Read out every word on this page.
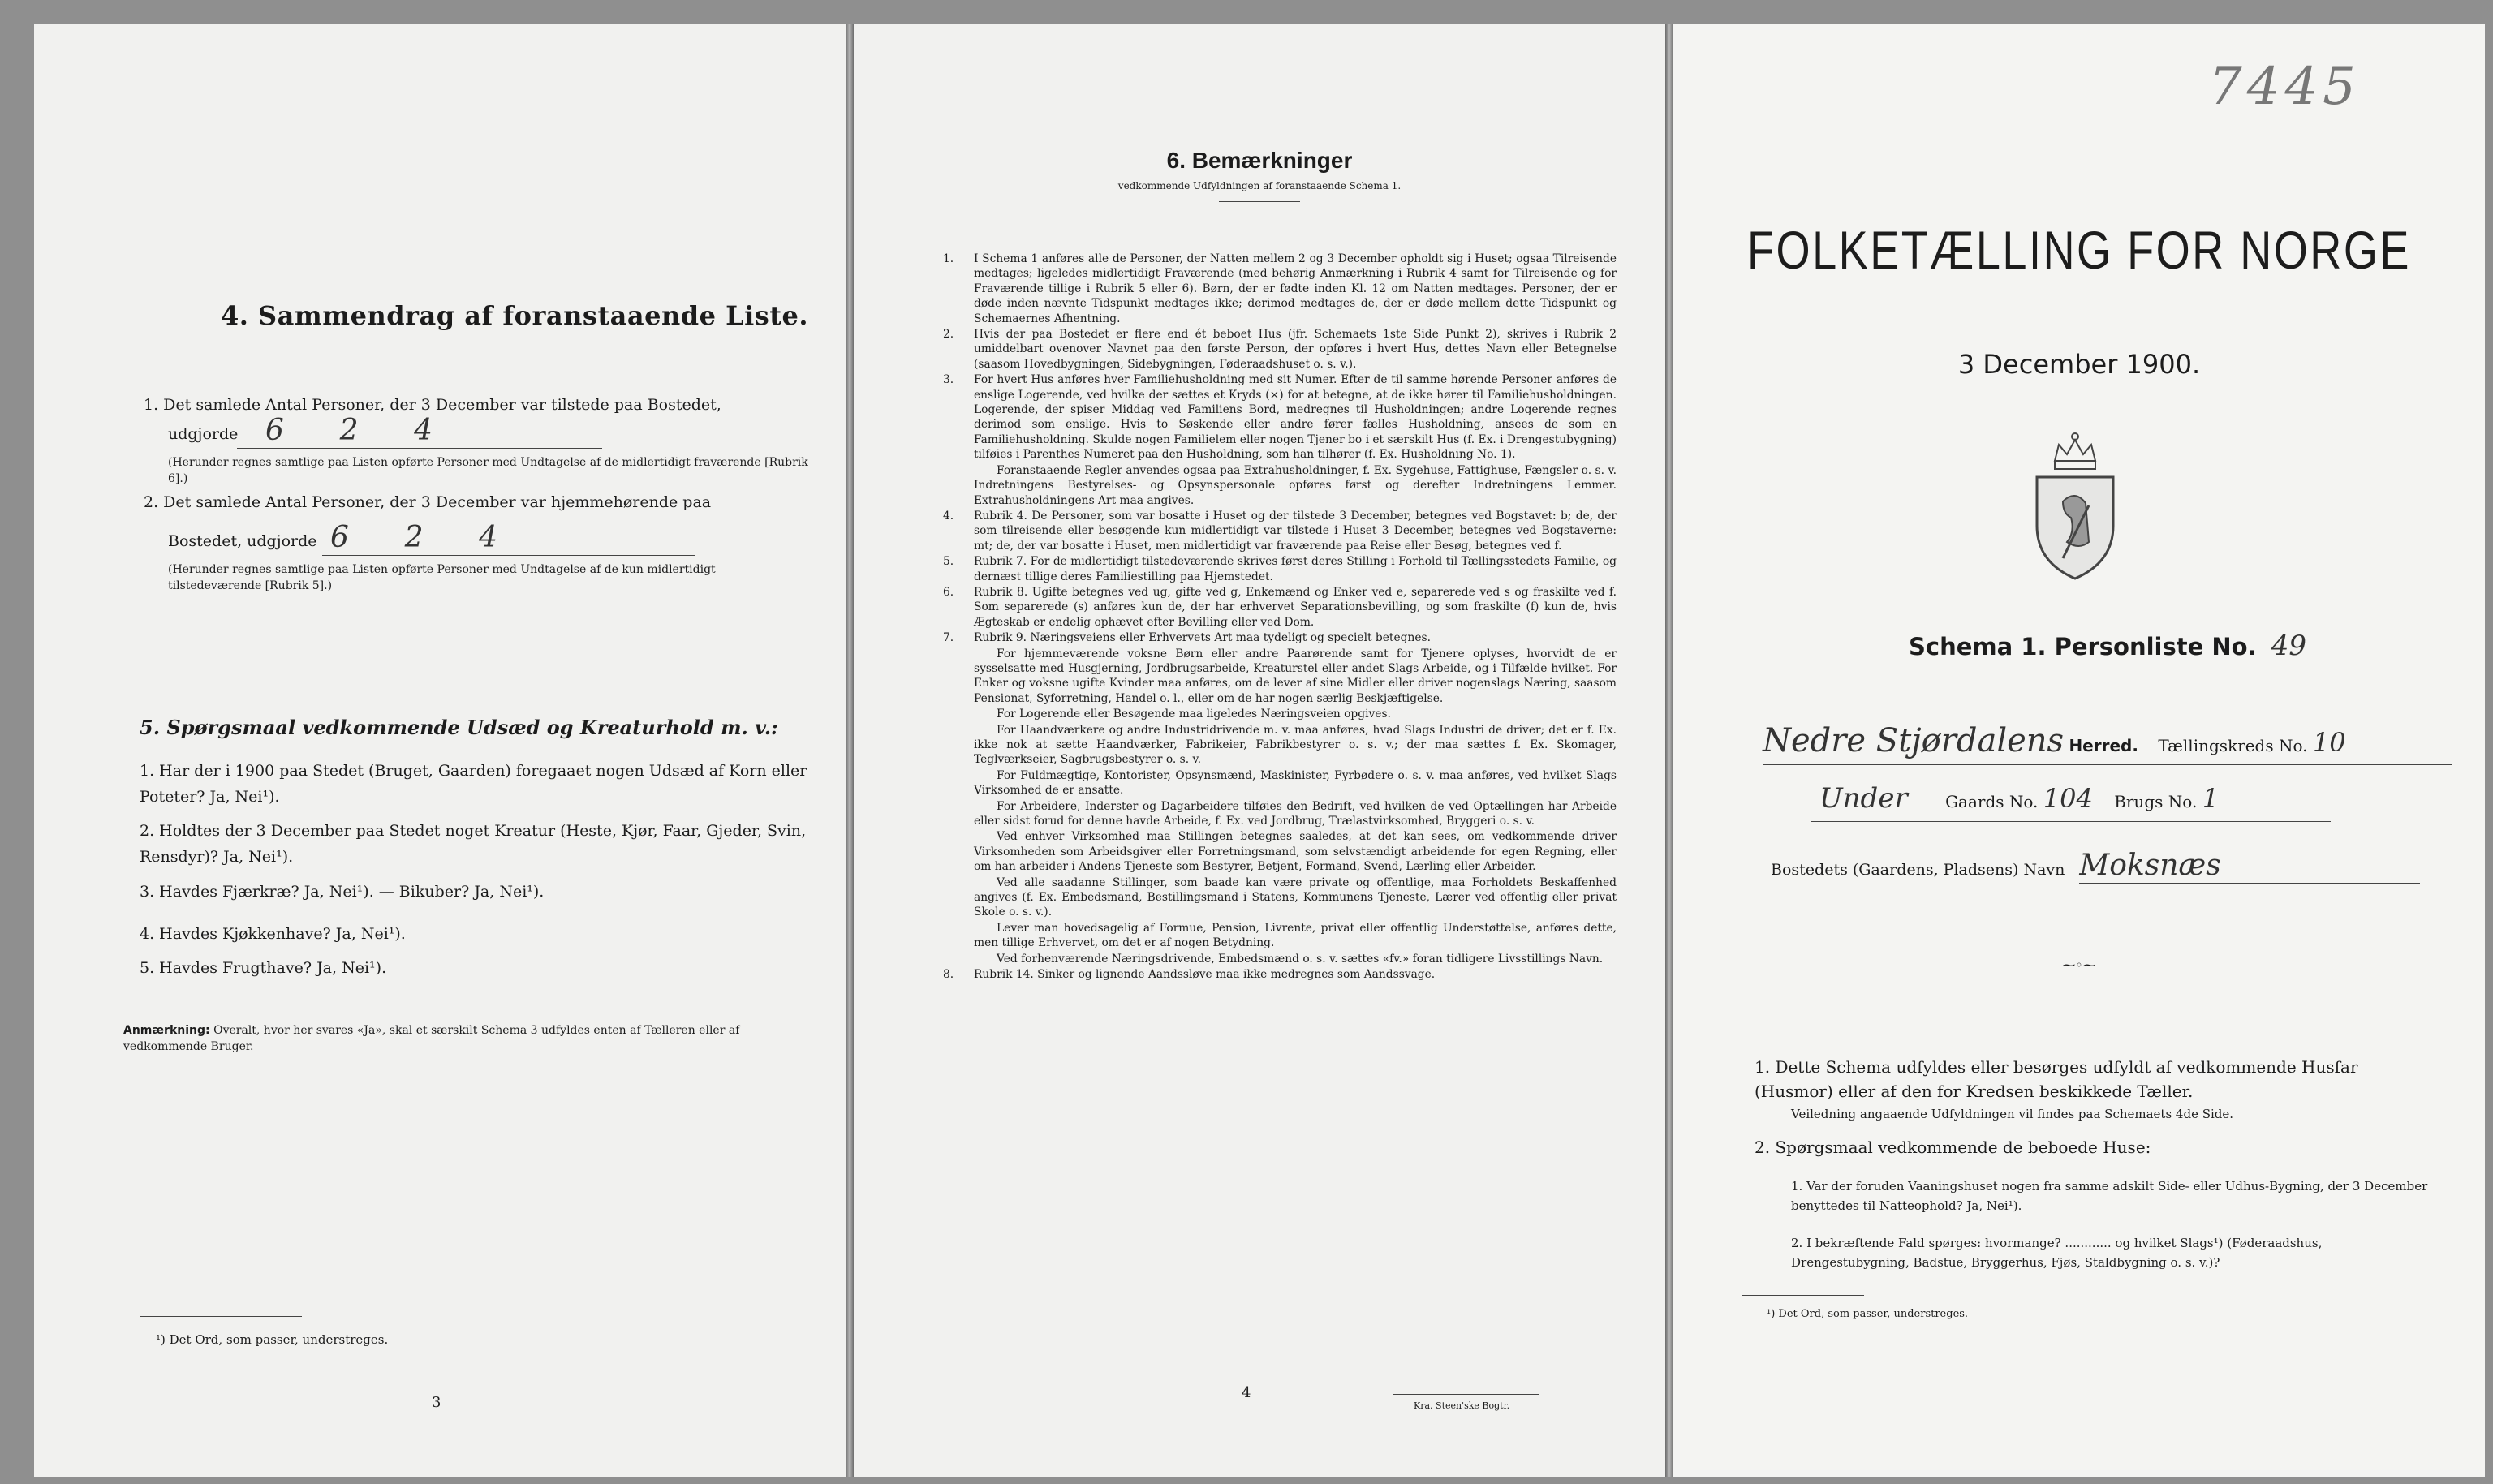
4. Sammendrag af foranstaaende Liste.
1. Det samlede Antal Personer, der 3 December var tilstede paa Bostedet,
udgjorde 6      2      4
(Herunder regnes samtlige paa Listen opførte Personer med Undtagelse af de midlertidigt fraværende [Rubrik 6].)
2. Det samlede Antal Personer, der 3 December var hjemmehørende paa
Bostedet, udgjorde 6      2      4
(Herunder regnes samtlige paa Listen opførte Personer med Undtagelse af de kun midlertidigt tilstedeværende [Rubrik 5].)
5. Spørgsmaal vedkommende Udsæd og Kreaturhold m. v.:
1. Har der i 1900 paa Stedet (Bruget, Gaarden) foregaaet nogen Udsæd af Korn eller Poteter? Ja, Nei¹).
2. Holdtes der 3 December paa Stedet noget Kreatur (Heste, Kjør, Faar, Gjeder, Svin, Rensdyr)? Ja, Nei¹).
3. Havdes Fjærkræ? Ja, Nei¹). — Bikuber? Ja, Nei¹).
4. Havdes Kjøkkenhave? Ja, Nei¹).
5. Havdes Frugthave? Ja, Nei¹).
Anmærkning: Overalt, hvor her svares «Ja», skal et særskilt Schema 3 udfyldes enten af Tælleren eller af vedkommende Bruger.
¹) Det Ord, som passer, understreges.
3
6. Bemærkninger
vedkommende Udfyldningen af foranstaaende Schema 1.

1. I Schema 1 anføres alle de Personer, der Natten mellem 2 og 3 December opholdt sig i Huset; ogsaa Tilreisende medtages; ligeledes midlertidigt Fraværende (med behørig Anmærkning i Rubrik 4 samt for Tilreisende og for Fraværende tillige i Rubrik 5 eller 6). Børn, der er fødte inden Kl. 12 om Natten medtages. Personer, der er døde inden nævnte Tidspunkt medtages ikke; derimod medtages de, der er døde mellem dette Tidspunkt og Schemaernes Afhentning.

2. Hvis der paa Bostedet er flere end ét beboet Hus (jfr. Schemaets 1ste Side Punkt 2), skrives i Rubrik 2 umiddelbart ovenover Navnet paa den første Person, der opføres i hvert Hus, dettes Navn eller Betegnelse (saasom Hovedbygningen, Sidebygningen, Føderaadshuset o. s. v.).

3. For hvert Hus anføres hver Familiehusholdning med sit Numer. Efter de til samme hørende Personer anføres de enslige Logerende, ved hvilke der sættes et Kryds (×) for at betegne, at de ikke hører til Familiehusholdningen. Logerende, der spiser Middag ved Familiens Bord, medregnes til Husholdningen; andre Logerende regnes derimod som enslige. Hvis to Søskende eller andre fører fælles Husholdning, ansees de som en Familiehusholdning. Skulde nogen Familielem eller nogen Tjener bo i et særskilt Hus (f. Ex. i Drengestubygning) tilføies i Parenthes Numeret paa den Husholdning, som han tilhører (f. Ex. Husholdning No. 1).

Foranstaaende Regler anvendes ogsaa paa Extrahusholdninger, f. Ex. Sygehuse, Fattighuse, Fængsler o. s. v. Indretningens Bestyrelses- og Opsynspersonale opføres først og derefter Indretningens Lemmer. Extrahusholdningens Art maa angives.

4. Rubrik 4. De Personer, som var bosatte i Huset og der tilstede 3 December, betegnes ved Bogstavet: b; de, der som tilreisende eller besøgende kun midlertidigt var tilstede i Huset 3 December, betegnes ved Bogstaverne: mt; de, der var bosatte i Huset, men midlertidigt var fraværende paa Reise eller Besøg, betegnes ved f.

5. Rubrik 7. For de midlertidigt tilstedeværende skrives først deres Stilling i Forhold til Tællingsstedets Familie, og dernæst tillige deres Familiestilling paa Hjemstedet.

6. Rubrik 8. Ugifte betegnes ved ug, gifte ved g, Enkemænd og Enker ved e, separerede ved s og fraskilte ved f. Som separerede (s) anføres kun de, der har erhvervet Separationsbevilling, og som fraskilte (f) kun de, hvis Ægteskab er endelig ophævet efter Bevilling eller ved Dom.

7. Rubrik 9. Næringsveiens eller Erhvervets Art maa tydeligt og specielt betegnes.

For hjemmeværende voksne Børn eller andre Paarørende samt for Tjenere oplyses, hvorvidt de er sysselsatte med Husgjerning, Jordbrugsarbeide, Kreaturstel eller andet Slags Arbeide, og i Tilfælde hvilket. For Enker og voksne ugifte Kvinder maa anføres, om de lever af sine Midler eller driver nogenslags Næring, saasom Pensionat, Syforretning, Handel o. l., eller om de har nogen særlig Beskjæftigelse.

For Logerende eller Besøgende maa ligeledes Næringsveien opgives.

For Haandværkere og andre Industridrivende m. v. maa anføres, hvad Slags Industri de driver; det er f. Ex. ikke nok at sætte Haandværker, Fabrikeier, Fabrikbestyrer o. s. v.; der maa sættes f. Ex. Skomager, Teglværkseier, Sagbrugsbestyrer o. s. v.

For Fuldmægtige, Kontorister, Opsynsmænd, Maskinister, Fyrbødere o. s. v. maa anføres, ved hvilket Slags Virksomhed de er ansatte.

For Arbeidere, Inderster og Dagarbeidere tilføies den Bedrift, ved hvilken de ved Optællingen har Arbeide eller sidst forud for denne havde Arbeide, f. Ex. ved Jordbrug, Trælastvirksomhed, Bryggeri o. s. v.

Ved enhver Virksomhed maa Stillingen betegnes saaledes, at det kan sees, om vedkommende driver Virksomheden som Arbeidsgiver eller Forretningsmand, som selvstændigt arbeidende for egen Regning, eller om han arbeider i Andens Tjeneste som Bestyrer, Betjent, Formand, Svend, Lærling eller Arbeider.

Ved alle saadanne Stillinger, som baade kan være private og offentlige, maa Forholdets Beskaffenhed angives (f. Ex. Embedsmand, Bestillingsmand i Statens, Kommunens Tjeneste, Lærer ved offentlig eller privat Skole o. s. v.).

Lever man hovedsagelig af Formue, Pension, Livrente, privat eller offentlig Understøttelse, anføres dette, men tillige Erhvervet, om det er af nogen Betydning.

Ved forhenværende Næringsdrivende, Embedsmænd o. s. v. sættes «fv.» foran tidligere Livsstillings Navn.

8. Rubrik 14. Sinker og lignende Aandssløve maa ikke medregnes som Aandssvage.

4
Kra. Steen'ske Bogtr.
7445
FOLKETÆLLING FOR NORGE
3 December 1900.
Schema 1. Personliste No. 49
Nedre Stjørdalens Herred. Tællingskreds No. 10
Under Gaards No. 104 Brugs No. 1
Bostedets (Gaardens, Pladsens) Navn Moksnæs
⁓◦⁓
1. Dette Schema udfyldes eller besørges udfyldt af vedkommende Husfar (Husmor) eller af den for Kredsen beskikkede Tæller.
Veiledning angaaende Udfyldningen vil findes paa Schemaets 4de Side.
2. Spørgsmaal vedkommende de beboede Huse:
1. Var der foruden Vaaningshuset nogen fra samme adskilt Side- eller Udhus-Bygning, der 3 December benyttedes til Natteophold? Ja, Nei¹).
2. I bekræftende Fald spørges: hvormange? ............ og hvilket Slags¹) (Føderaadshus, Drengestubygning, Badstue, Bryggerhus, Fjøs, Staldbygning o. s. v.)?
¹) Det Ord, som passer, understreges.
